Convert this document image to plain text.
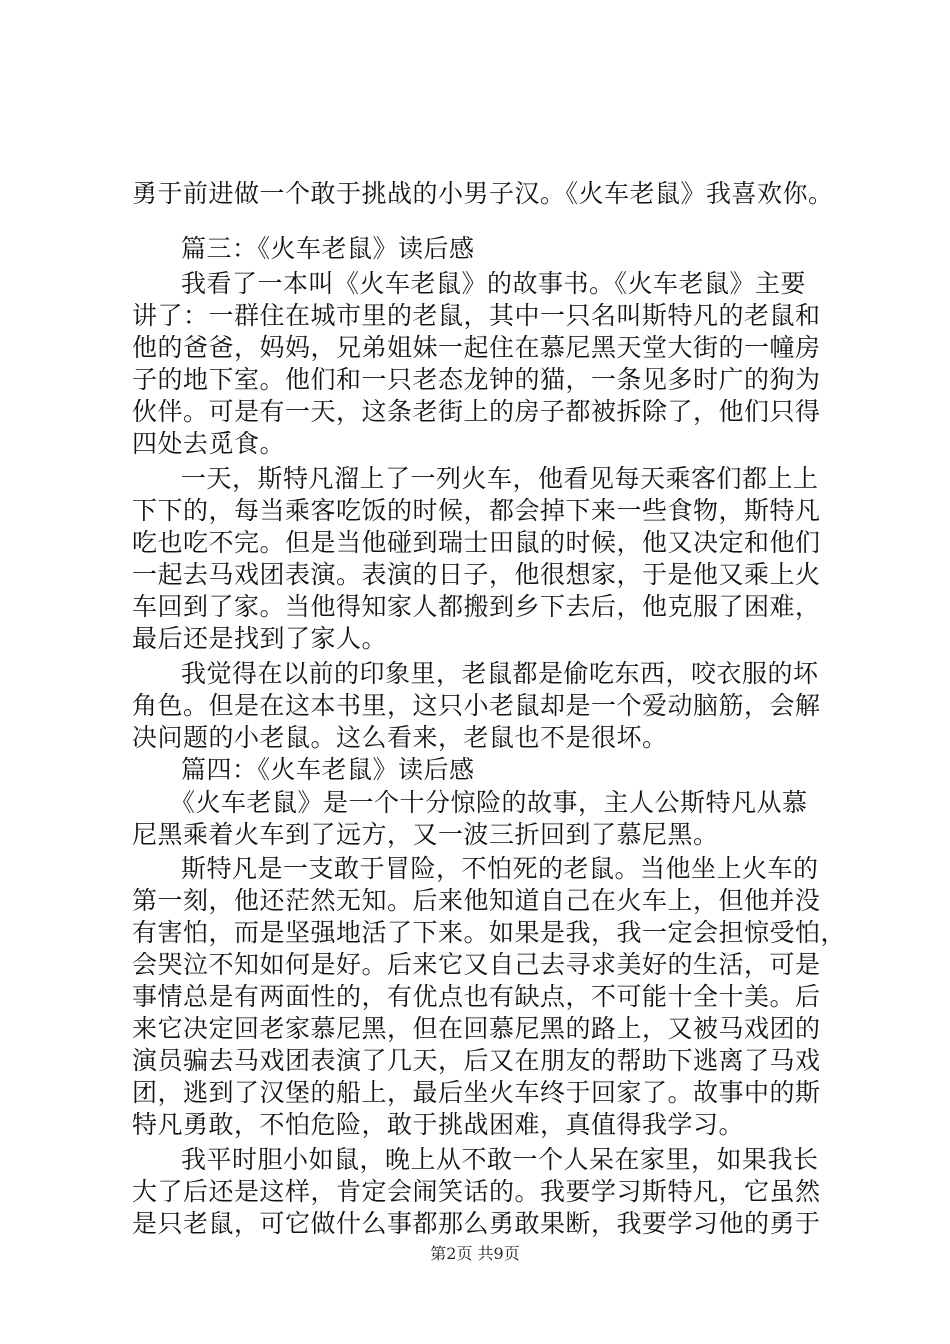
勇于前进做一个敢于挑战的小男子汉。《火车老鼠》我喜欢你。
篇三：《火车老鼠》读后感
我看了一本叫《火车老鼠》的故事书。《火车老鼠》主要
讲了：一群住在城市里的老鼠，其中一只名叫斯特凡的老鼠和
他的爸爸，妈妈，兄弟姐妹一起住在慕尼黑天堂大街的一幢房
子的地下室。他们和一只老态龙钟的猫，一条见多时广的狗为
伙伴。可是有一天，这条老街上的房子都被拆除了，他们只得
四处去觅食。
一天，斯特凡溜上了一列火车，他看见每天乘客们都上上
下下的，每当乘客吃饭的时候，都会掉下来一些食物，斯特凡
吃也吃不完。但是当他碰到瑞士田鼠的时候，他又决定和他们
一起去马戏团表演。表演的日子，他很想家，于是他又乘上火
车回到了家。当他得知家人都搬到乡下去后，他克服了困难，
最后还是找到了家人。
我觉得在以前的印象里，老鼠都是偷吃东西，咬衣服的坏
角色。但是在这本书里，这只小老鼠却是一个爱动脑筋，会解
决问题的小老鼠。这么看来，老鼠也不是很坏。
篇四：《火车老鼠》读后感
《火车老鼠》是一个十分惊险的故事，主人公斯特凡从慕
尼黑乘着火车到了远方，又一波三折回到了慕尼黑。
斯特凡是一支敢于冒险，不怕死的老鼠。当他坐上火车的
第一刻，他还茫然无知。后来他知道自己在火车上，但他并没
有害怕，而是坚强地活了下来。如果是我，我一定会担惊受怕，
会哭泣不知如何是好。后来它又自己去寻求美好的生活，可是
事情总是有两面性的，有优点也有缺点，不可能十全十美。后
来它决定回老家慕尼黑，但在回慕尼黑的路上，又被马戏团的
演员骗去马戏团表演了几天，后又在朋友的帮助下逃离了马戏
团，逃到了汉堡的船上，最后坐火车终于回家了。故事中的斯
特凡勇敢，不怕危险，敢于挑战困难，真值得我学习。
我平时胆小如鼠，晚上从不敢一个人呆在家里，如果我长
大了后还是这样，肯定会闹笑话的。我要学习斯特凡，它虽然
是只老鼠，可它做什么事都那么勇敢果断，我要学习他的勇于
第2页 共9页
